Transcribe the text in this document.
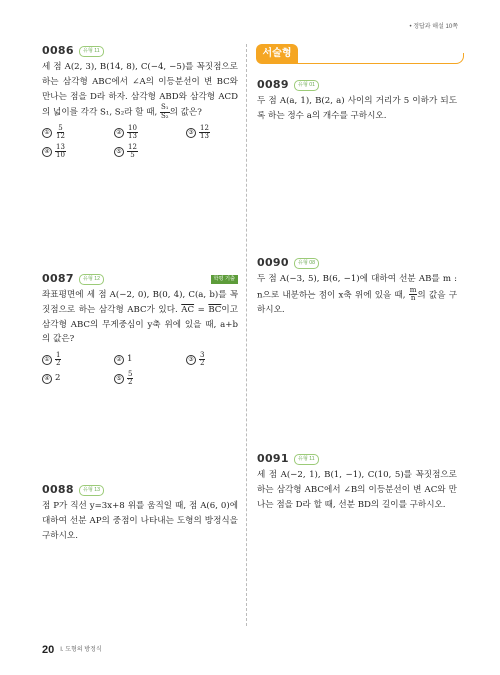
• 정답과 해설 10쪽
0086	유형 11
세 점 A(2, 3), B(14, 8), C(−4, −5)를 꼭짓점으로 하는 삼각형 ABC에서 ∠A의 이등분선이 변 BC와 만나는 점을 D라 하자. 삼각형 ABD와 삼각형 ACD의 넓이를 각각 S₁, S₂라 할 때, $\frac{\text{S₁}}{\text{S₂}}$ 의 값은?
①
5
12	②
10
13	③
12
13
④
13
10	⑤
12
5
0087	유형 12	학평 기출
좌표평면에 세 점 A(−2, 0), B(0, 4), C(a, b)를 꼭짓점으로 하는 삼각형 ABC가 있다. $\overline{AC} = \overline{BC}$이고 삼각형 ABC의 무게중심이 y축 위에 있을 때, a+b의 값은?
①
1
2	② 1	③
3
2
④ 2	⑤
5
2
0088	유형 13
점 P가 직선 y=3x+8 위를 움직일 때, 점 A(6, 0)에 대하여 선분 AP의 중점이 나타내는 도형의 방정식을 구하시오.
서술형
0089	유형 01
두 점 A(a, 1), B(2, a) 사이의 거리가 5 이하가 되도록 하는 정수 a의 개수를 구하시오.
0090	유형 08
두 점 A(−3, 5), B(6, −1)에 대하여 선분 AB를 m : n으로 내분하는 점이 x축 위에 있을 때, $\frac{m}{n}$ 의 값을 구하시오.
0091	유형 11
세 점 A(−2, 1), B(1, −1), C(10, 5)를 꼭짓점으로 하는 삼각형 ABC에서 ∠B의 이등분선이 변 AC와 만나는 점을 D라 할 때, 선분 BD의 길이를 구하시오.
20 I. 도형의 방정식
